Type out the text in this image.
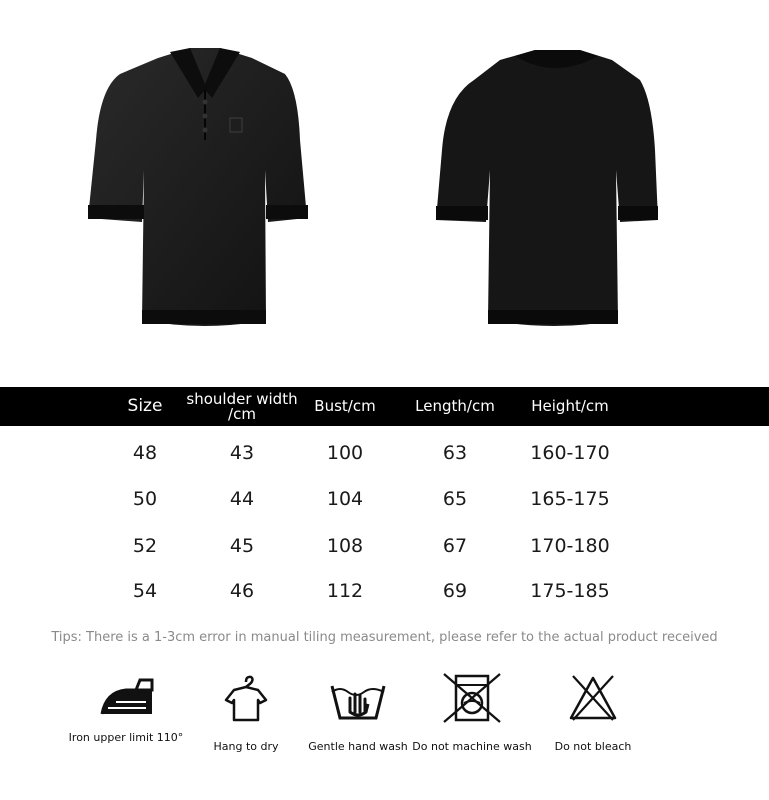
Size	shoulder width /cm	Bust/cm	Length/cm	Height/cm
48	43	100	63	160-170
50	44	104	65	165-175
52	45	108	67	170-180
54	46	112	69	175-185
Tips: There is a 1-3cm error in manual tiling measurement, please refer to the actual product received
Iron upper limit 110°
Hang to dry	Gentle hand wash Do not machine wash	Do not bleach
